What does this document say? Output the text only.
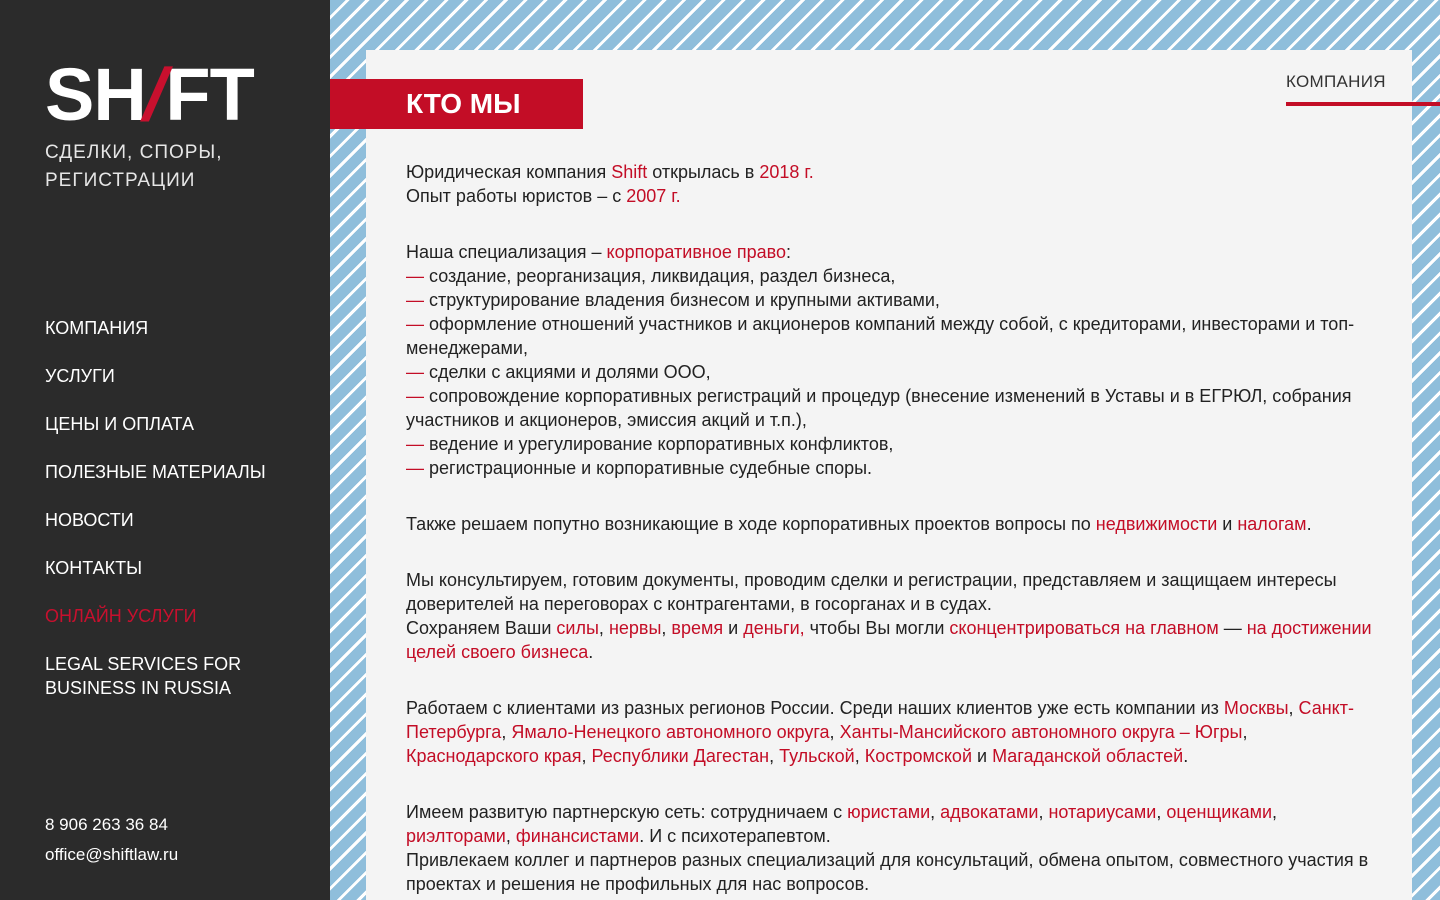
SH/FT
СДЕЛКИ, СПОРЫ,
РЕГИСТРАЦИИ
КОМПАНИЯ
УСЛУГИ
ЦЕНЫ И ОПЛАТА
ПОЛЕЗНЫЕ МАТЕРИАЛЫ
НОВОСТИ
КОНТАКТЫ
ОНЛАЙН УСЛУГИ
LEGAL SERVICES FOR
BUSINESS IN RUSSIA
8 906 263 36 84
office@shiftlaw.ru
КТО МЫ
КОМПАНИЯ

Юридическая компания Shift открылась в 2018 г.
Опыт работы юристов – с 2007 г.

Наша специализация – корпоративное право:
— создание, реорганизация, ликвидация, раздел бизнеса,
— структурирование владения бизнесом и крупными активами,
— оформление отношений участников и акционеров компаний между собой, с кредиторами, инвесторами и топ-менеджерами,
— сделки с акциями и долями ООО,
— сопровождение корпоративных регистраций и процедур (внесение изменений в Уставы и в ЕГРЮЛ, собрания участников и акционеров, эмиссия акций и т.п.),
— ведение и урегулирование корпоративных конфликтов,
— регистрационные и корпоративные судебные споры.

Также решаем попутно возникающие в ходе корпоративных проектов вопросы по недвижимости и налогам.

Мы консультируем, готовим документы, проводим сделки и регистрации, представляем и защищаем интересы доверителей на переговорах с контрагентами, в госорганах и в судах.
Сохраняем Ваши силы, нервы, время и деньги, чтобы Вы могли сконцентрироваться на главном — на достижении целей своего бизнеса.

Работаем с клиентами из разных регионов России. Среди наших клиентов уже есть компании из Москвы, Санкт-Петербурга, Ямало-Ненецкого автономного округа, Ханты-Мансийского автономного округа – Югры, Краснодарского края, Республики Дагестан, Тульской, Костромской и Магаданской областей.

Имеем развитую партнерскую сеть: сотрудничаем с юристами, адвокатами, нотариусами, оценщиками, риэлторами, финансистами. И с психотерапевтом.
Привлекаем коллег и партнеров разных специализаций для консультаций, обмена опытом, совместного участия в проектах и решения не профильных для нас вопросов.
